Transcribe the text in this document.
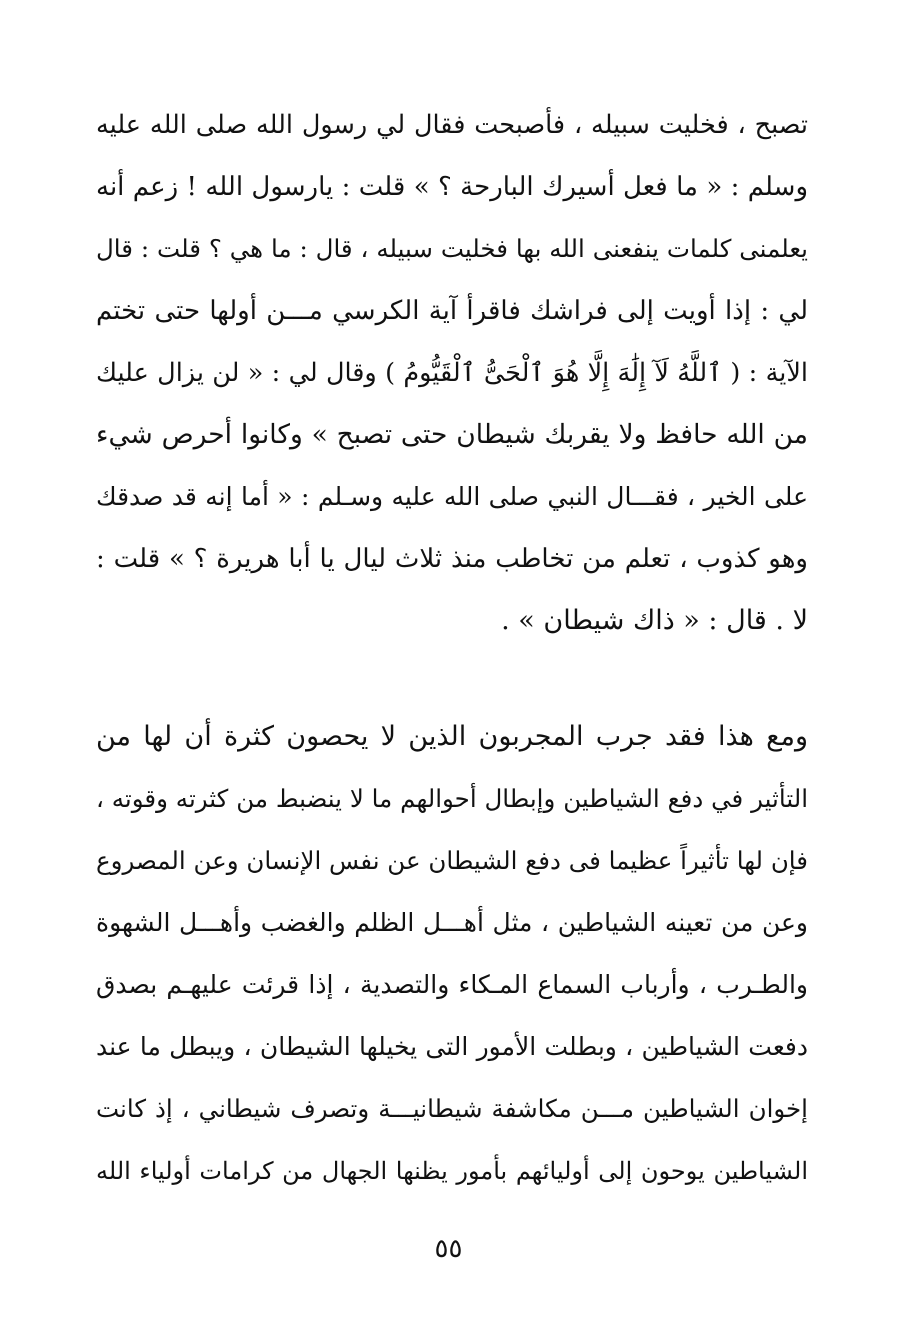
تصبح ، فخليت سبيله ، فأصبحت فقال لي رسول الله صلى الله عليه
وسلم : « ما فعل أسيرك البارحة ؟ » قلت : يارسول الله ! زعم أنه
يعلمنى كلمات ينفعنى الله بها فخليت سبيله ، قال : ما هي ؟ قلت : قال
لي : إذا أويت إلى فراشك فاقرأ آية الكرسي مـــن أولها حتى تختم
الآية : ( ٱللَّهُ لَآ إِلَٰهَ إِلَّا هُوَ ٱلْحَىُّ ٱلْقَيُّومُ ) وقال لي : « لن يزال عليك
من الله حافظ ولا يقربك شيطان حتى تصبح » وكانوا أحرص شيء
على الخير ، فقـــال النبي صلى الله عليه وسـلم : « أما إنه قد صدقك
وهو كذوب ، تعلم من تخاطب منذ ثلاث ليال يا أبا هريرة ؟ » قلت :
لا . قال : « ذاك شيطان » .
ومع هذا فقد جرب المجربون الذين لا يحصون كثرة أن لها من
التأثير في دفع الشياطين وإبطال أحوالهم ما لا ينضبط من كثرته وقوته ،
فإن لها تأثيراً عظيما فى دفع الشيطان عن نفس الإنسان وعن المصروع
وعن من تعينه الشياطين ، مثل أهـــل الظلم والغضب وأهـــل الشهوة
والطـرب ، وأرباب السماع المـكاء والتصدية ، إذا قرئت عليهـم بصدق
دفعت الشياطين ، وبطلت الأمور التى يخيلها الشيطان ، ويبطل ما عند
إخوان الشياطين مـــن مكاشفة شيطانيـــة وتصرف شيطاني ، إذ كانت
الشياطين يوحون إلى أوليائهم بأمور يظنها الجهال من كرامات أولياء الله
٥٥
